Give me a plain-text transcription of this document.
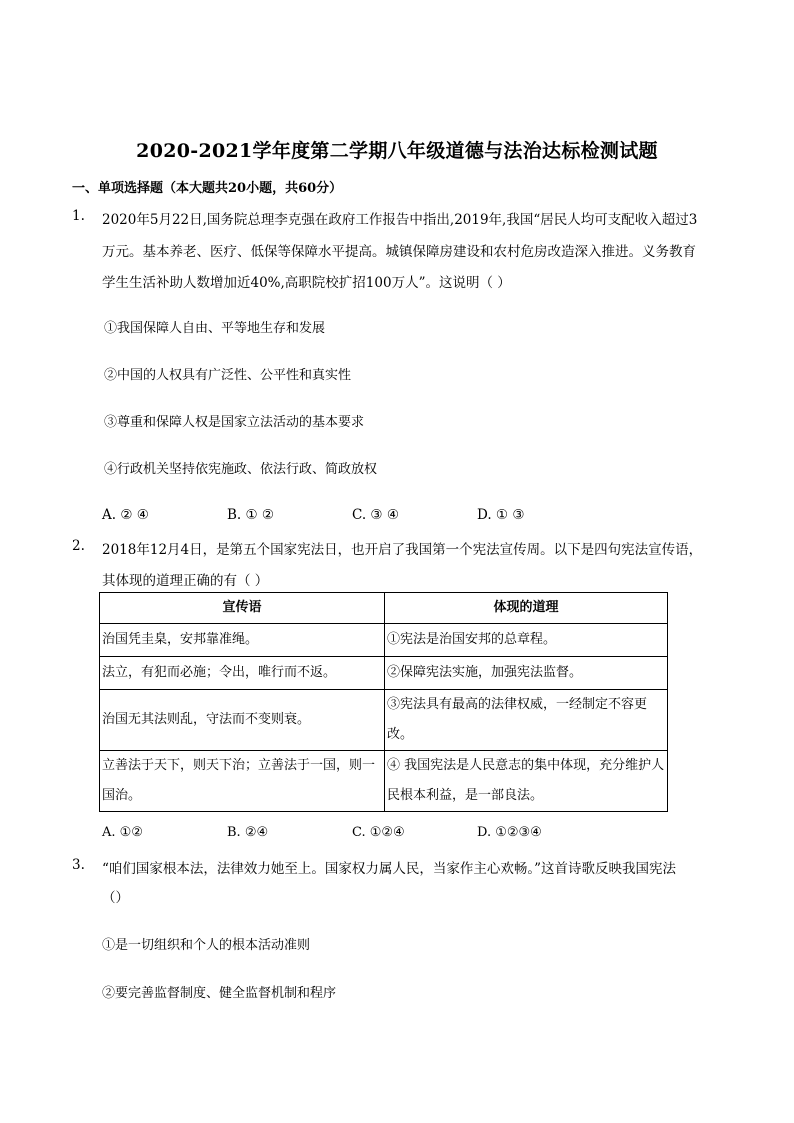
2020-2021学年度第二学期八年级道德与法治达标检测试题
一、单项选择题（本大题共20小题，共60分）
1. 2020年5月22日,国务院总理李克强在政府工作报告中指出,2019年,我国“居民人均可支配收入超过3
万元。基本养老、医疗、低保等保障水平提高。城镇保障房建设和农村危房改造深入推进。义务教育
学生生活补助人数增加近40%,高职院校扩招100万人”。这说明（ ）
①我国保障人自由、平等地生存和发展
②中国的人权具有广泛性、公平性和真实性
③尊重和保障人权是国家立法活动的基本要求
④行政机关坚持依宪施政、依法行政、简政放权
A. ② ④	B. ① ②	C. ③ ④	D. ① ③
2. 2018年12月4日，是第五个国家宪法日，也开启了我国第一个宪法宣传周。以下是四句宪法宣传语，
其体现的道理正确的有（ ）
宣传语	体现的道理
治国凭圭臬，安邦靠准绳。	①宪法是治国安邦的总章程。
法立，有犯而必施；令出，唯行而不返。	②保障宪法实施，加强宪法监督。
治国无其法则乱，守法而不变则衰。	③宪法具有最高的法律权威，一经制定不容更改。
立善法于天下，则天下治；立善法于一国，则一国治。	④ 我国宪法是人民意志的集中体现，充分维护人民根本利益，是一部良法。
A. ①②	B. ②④	C. ①②④	D. ①②③④
3. “咱们国家根本法，法律效力她至上。国家权力属人民，当家作主心欢畅。”这首诗歌反映我国宪法
（）
①是一切组织和个人的根本活动准则
②要完善监督制度、健全监督机制和程序
